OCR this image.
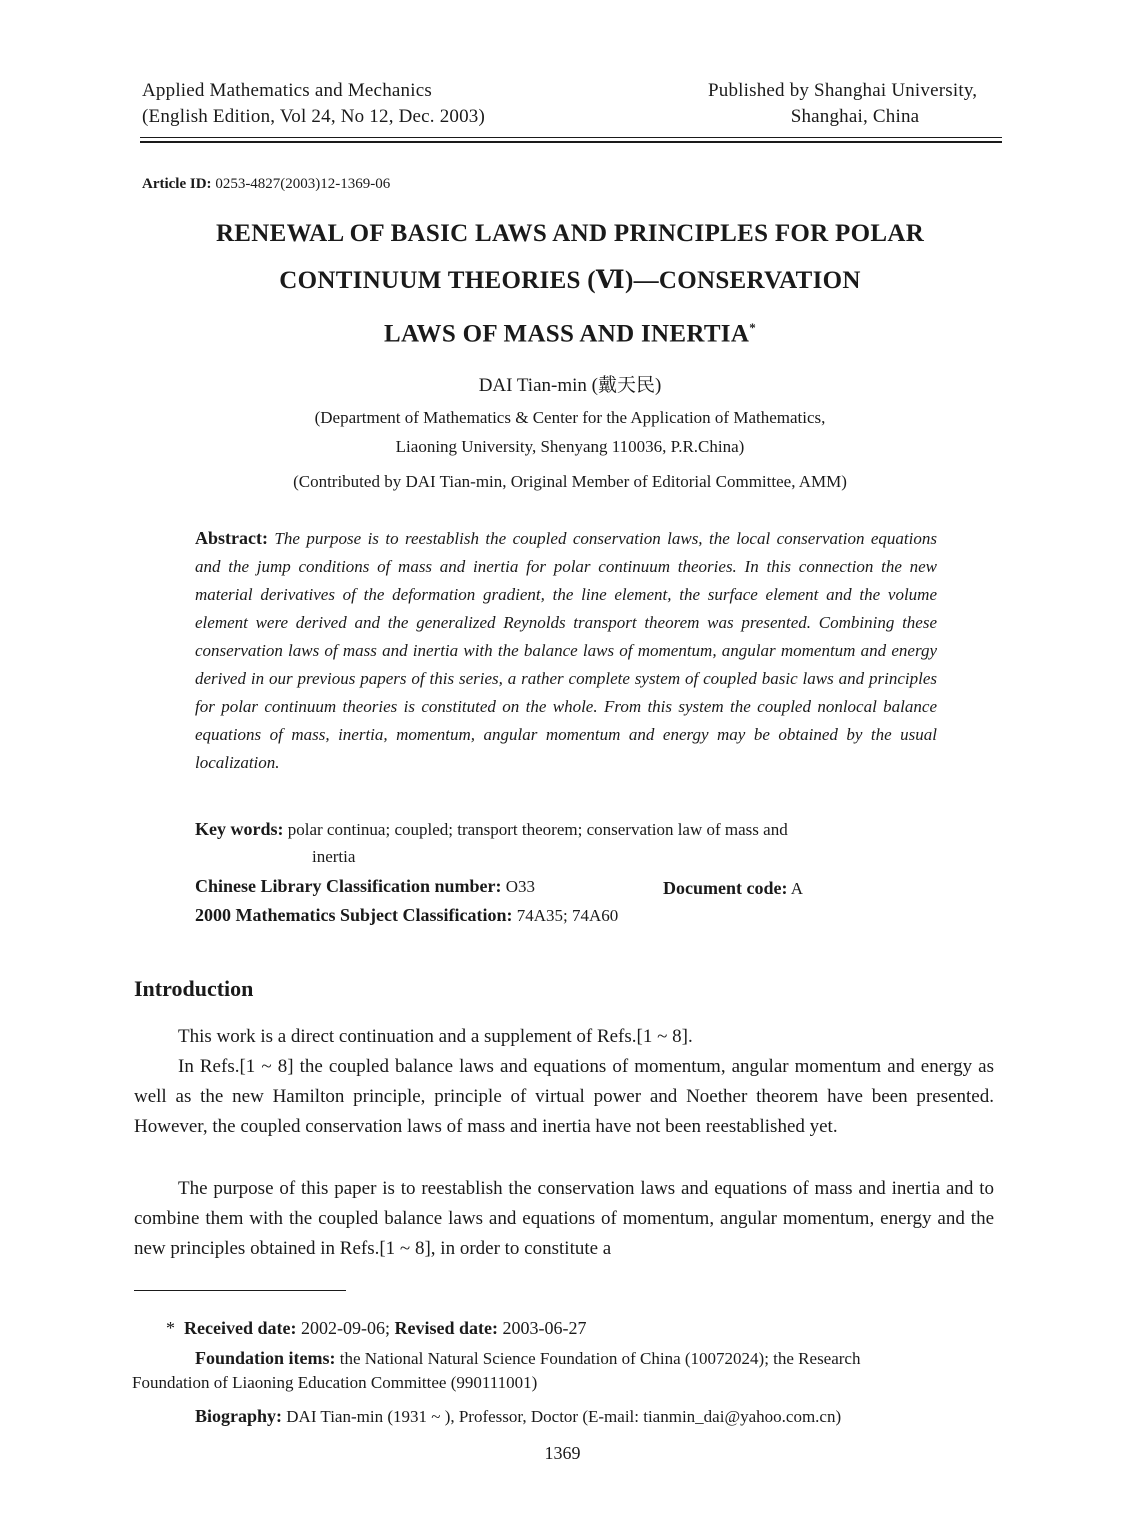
Applied Mathematics and Mechanics
(English Edition, Vol 24, No 12, Dec. 2003)
Published by Shanghai University,
Shanghai, China
Article ID: 0253-4827(2003)12-1369-06
RENEWAL OF BASIC LAWS AND PRINCIPLES FOR POLAR
CONTINUUM THEORIES (Ⅵ)—CONSERVATION
LAWS OF MASS AND INERTIA*
DAI Tian-min (戴天民)
(Department of Mathematics & Center for the Application of Mathematics,
Liaoning University, Shenyang 110036, P.R.China)
(Contributed by DAI Tian-min, Original Member of Editorial Committee, AMM)
Abstract: The purpose is to reestablish the coupled conservation laws, the local conservation equations and the jump conditions of mass and inertia for polar continuum theories. In this connection the new material derivatives of the deformation gradient, the line element, the surface element and the volume element were derived and the generalized Reynolds transport theorem was presented. Combining these conservation laws of mass and inertia with the balance laws of momentum, angular momentum and energy derived in our previous papers of this series, a rather complete system of coupled basic laws and principles for polar continuum theories is constituted on the whole. From this system the coupled nonlocal balance equations of mass, inertia, momentum, angular momentum and energy may be obtained by the usual localization.
Key words: polar continua; coupled; transport theorem; conservation law of mass and
inertia
Chinese Library Classification number: O33	Document code: A
2000 Mathematics Subject Classification: 74A35; 74A60
Introduction
This work is a direct continuation and a supplement of Refs.[1 ~ 8].
In Refs.[1 ~ 8] the coupled balance laws and equations of momentum, angular momentum and energy as well as the new Hamilton principle, principle of virtual power and Noether theorem have been presented. However, the coupled conservation laws of mass and inertia have not been reestablished yet.
The purpose of this paper is to reestablish the conservation laws and equations of mass and inertia and to combine them with the coupled balance laws and equations of momentum, angular momentum, energy and the new principles obtained in Refs.[1 ~ 8], in order to constitute a
* Received date: 2002-09-06; Revised date: 2003-06-27
Foundation items: the National Natural Science Foundation of China (10072024); the Research
Foundation of Liaoning Education Committee (990111001)
Biography: DAI Tian-min (1931 ~ ), Professor, Doctor (E-mail: tianmin_dai@yahoo.com.cn)
1369
